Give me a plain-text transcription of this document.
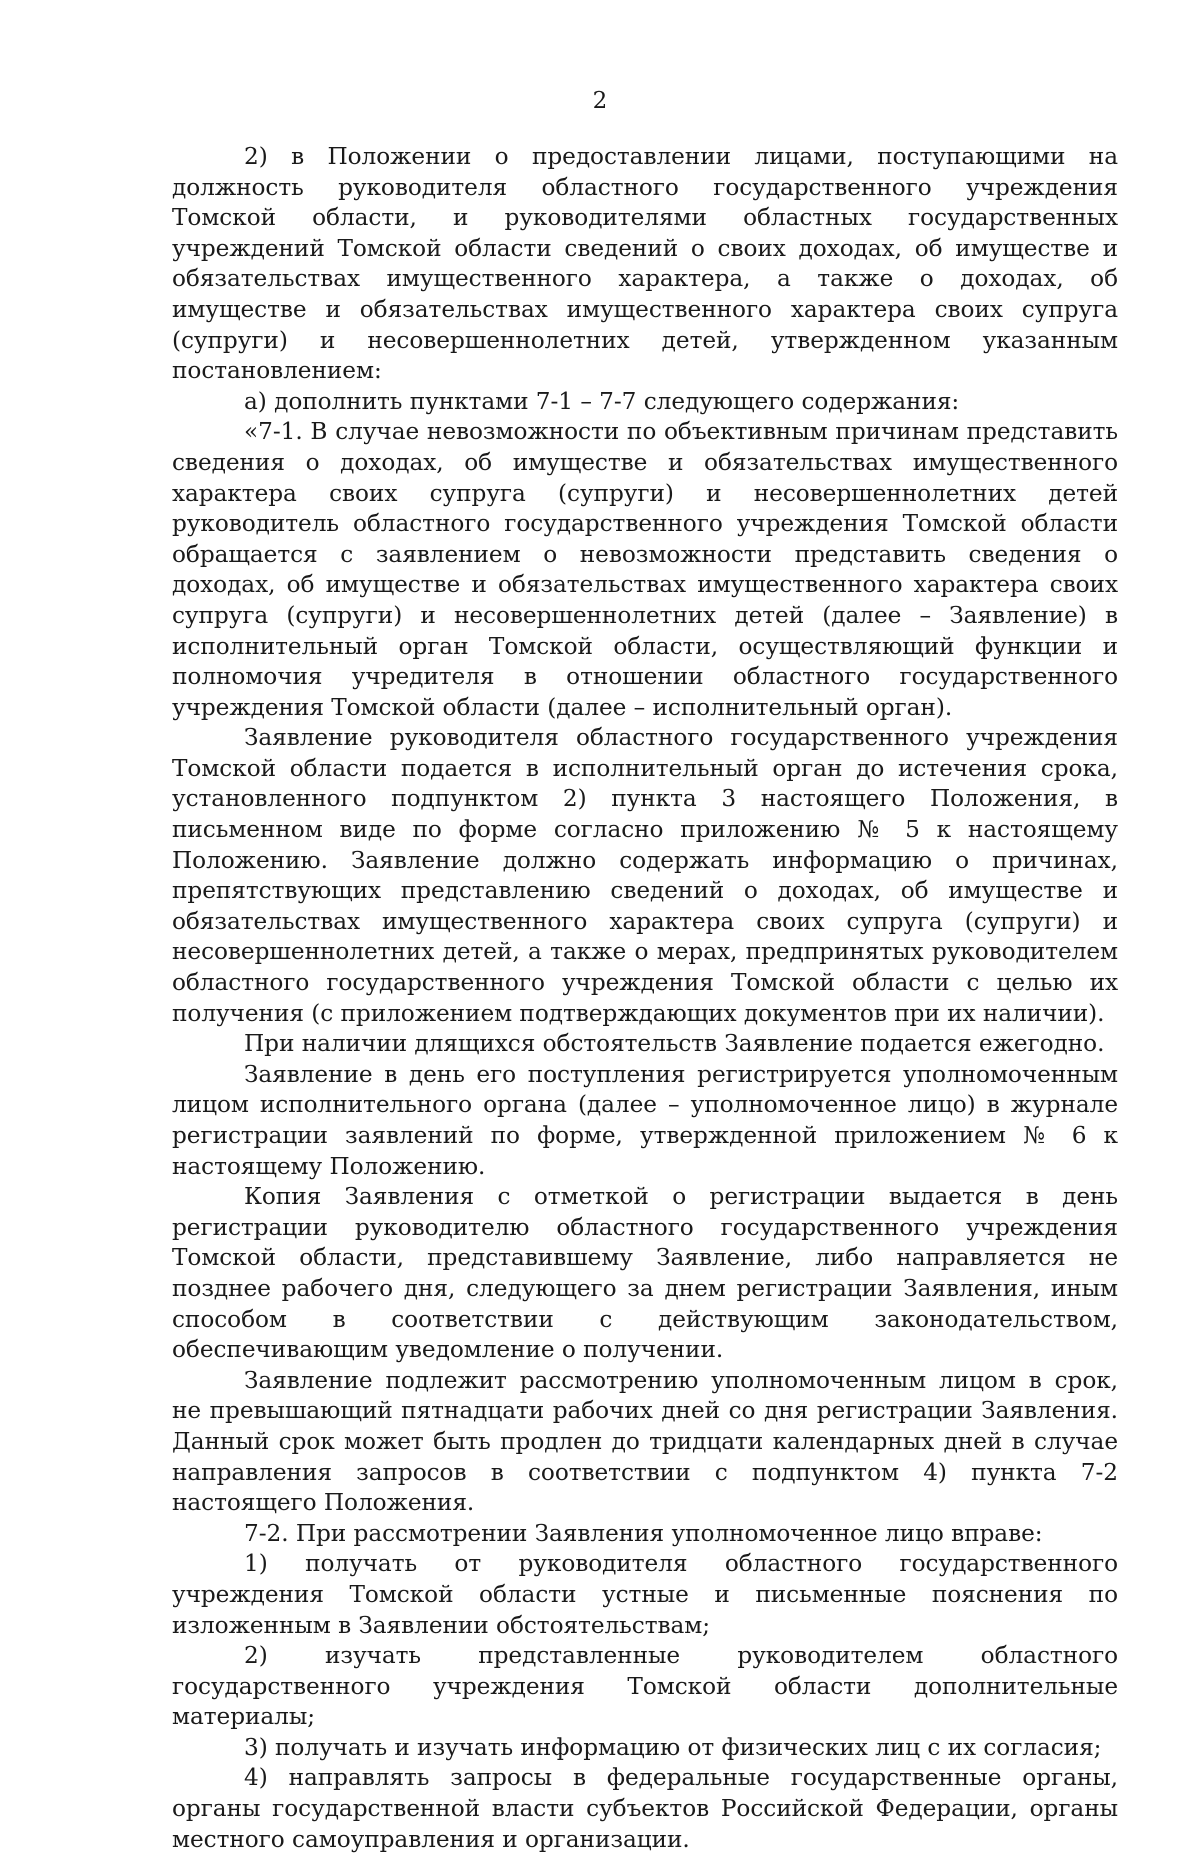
2

2) в Положении о предоставлении лицами, поступающими на должность руководителя областного государственного учреждения Томской области, и руководителями областных государственных учреждений Томской области сведений о своих доходах, об имуществе и обязательствах имущественного характера, а также о доходах, об имуществе и обязательствах имущественного характера своих супруга (супруги) и несовершеннолетних детей, утвержденном указанным постановлением:

а) дополнить пунктами 7-1 – 7-7 следующего содержания:

«7-1. В случае невозможности по объективным причинам представить сведения о доходах, об имуществе и обязательствах имущественного характера своих супруга (супруги) и несовершеннолетних детей руководитель областного государственного учреждения Томской области обращается с заявлением о невозможности представить сведения о доходах, об имуществе и обязательствах имущественного характера своих супруга (супруги) и несовершеннолетних детей (далее – Заявление) в исполнительный орган Томской области, осуществляющий функции и полномочия учредителя в отношении областного государственного учреждения Томской области (далее – исполнительный орган).

Заявление руководителя областного государственного учреждения Томской области подается в исполнительный орган до истечения срока, установленного подпунктом 2) пункта 3 настоящего Положения, в письменном виде по форме согласно приложению № 5 к настоящему Положению. Заявление должно содержать информацию о причинах, препятствующих представлению сведений о доходах, об имуществе и обязательствах имущественного характера своих супруга (супруги) и несовершеннолетних детей, а также о мерах, предпринятых руководителем областного государственного учреждения Томской области с целью их получения (с приложением подтверждающих документов при их наличии).

При наличии длящихся обстоятельств Заявление подается ежегодно.

Заявление в день его поступления регистрируется уполномоченным лицом исполнительного органа (далее – уполномоченное лицо) в журнале регистрации заявлений по форме, утвержденной приложением № 6 к настоящему Положению.

Копия Заявления с отметкой о регистрации выдается в день регистрации руководителю областного государственного учреждения Томской области, представившему Заявление, либо направляется не позднее рабочего дня, следующего за днем регистрации Заявления, иным способом в соответствии с действующим законодательством, обеспечивающим уведомление о получении.

Заявление подлежит рассмотрению уполномоченным лицом в срок, не превышающий пятнадцати рабочих дней со дня регистрации Заявления. Данный срок может быть продлен до тридцати календарных дней в случае направления запросов в соответствии с подпунктом 4) пункта 7-2 настоящего Положения.

7-2. При рассмотрении Заявления уполномоченное лицо вправе:

1) получать от руководителя областного государственного учреждения Томской области устные и письменные пояснения по изложенным в Заявлении обстоятельствам;

2) изучать представленные руководителем областного государственного учреждения Томской области дополнительные материалы;

3) получать и изучать информацию от физических лиц с их согласия;

4) направлять запросы в федеральные государственные органы, органы государственной власти субъектов Российской Федерации, органы местного самоуправления и организации.
